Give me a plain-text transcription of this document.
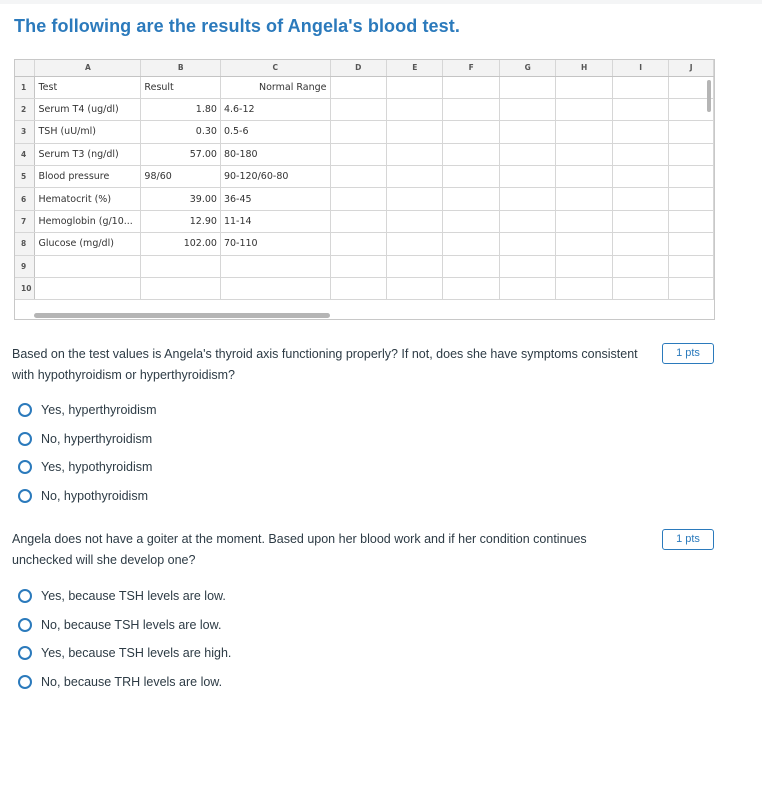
The following are the results of Angela's blood test.
	A	B	C	D	E	F	G	H	I	J
1	Test	Result	Normal Range							
2	Serum T4 (ug/dl)	1.80	4.6-12							
3	TSH (uU/ml)	0.30	0.5-6							
4	Serum T3 (ng/dl)	57.00	80-180							
5	Blood pressure	98/60	90-120/60-80							
6	Hematocrit (%)	39.00	36-45							
7	Hemoglobin (g/10...	12.90	11-14							
8	Glucose (mg/dl)	102.00	70-110							
9										
10										
Based on the test values is Angela's thyroid axis functioning properly? If not, does she have symptoms consistent with hypothyroidism or hyperthyroidism?
1 pts
Yes, hyperthyroidism
No, hyperthyroidism
Yes, hypothyroidism
No, hypothyroidism
Angela does not have a goiter at the moment. Based upon her blood work and if her condition continues unchecked will she develop one?
1 pts
Yes, because TSH levels are low.
No, because TSH levels are low.
Yes, because TSH levels are high.
No, because TRH levels are low.
